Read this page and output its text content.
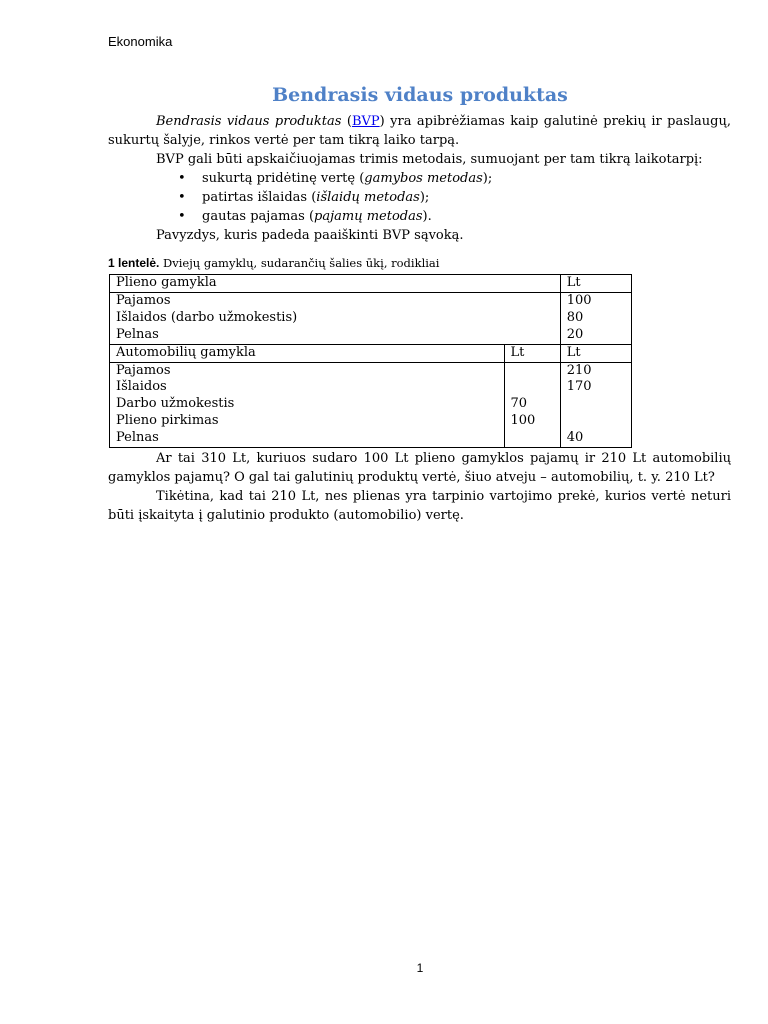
Ekonomika
Bendrasis vidaus produktas

Bendrasis vidaus produktas (BVP) yra apibrėžiamas kaip galutinė prekių ir paslaugų, sukurtų šalyje, rinkos vertė per tam tikrą laiko tarpą.

BVP gali būti apskaičiuojamas trimis metodais, sumuojant per tam tikrą laikotarpį:

• sukurtą pridėtinę vertę (gamybos metodas);
• patirtas išlaidas (išlaidų metodas);
• gautas pajamas (pajamų metodas).

Pavyzdys, kuris padeda paaiškinti BVP sąvoką.

1 lentelė. Dviejų gamyklų, sudarančių šalies ūkį, rodikliai
Plieno gamykla		Lt
Pajamos		100
Išlaidos (darbo užmokestis)		80
Pelnas		20
Automobilių gamykla	Lt	Lt
Pajamos		210
Išlaidos		170
Darbo užmokestis	70	
Plieno pirkimas	100	
Pelnas		40

Ar tai 310 Lt, kuriuos sudaro 100 Lt plieno gamyklos pajamų ir 210 Lt automobilių gamyklos pajamų? O gal tai galutinių produktų vertė, šiuo atveju – automobilių, t. y. 210 Lt?

Tikėtina, kad tai 210 Lt, nes plienas yra tarpinio vartojimo prekė, kurios vertė neturi būti įskaityta į galutinio produkto (automobilio) vertę.

1
